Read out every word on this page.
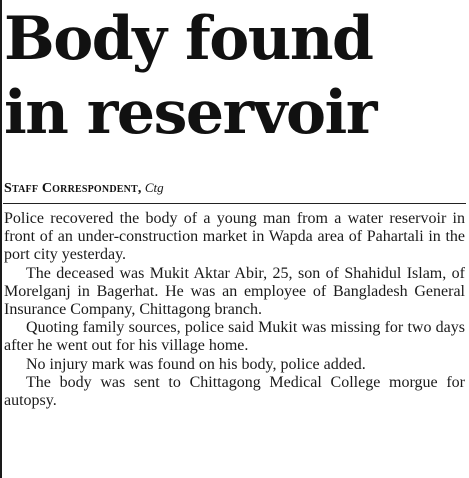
Body found
in reservoir
Staff Correspondent, Ctg

Police recovered the body of a young man from a water reservoir in front of an under-construction market in Wapda area of Pahartali in the port city yesterday.

The deceased was Mukit Aktar Abir, 25, son of Shahidul Islam, of Morelganj in Bagerhat. He was an employee of Bangladesh General Insurance Company, Chittagong branch.

Quoting family sources, police said Mukit was missing for two days after he went out for his village home.

No injury mark was found on his body, police added.

The body was sent to Chittagong Medical College morgue for autopsy.
